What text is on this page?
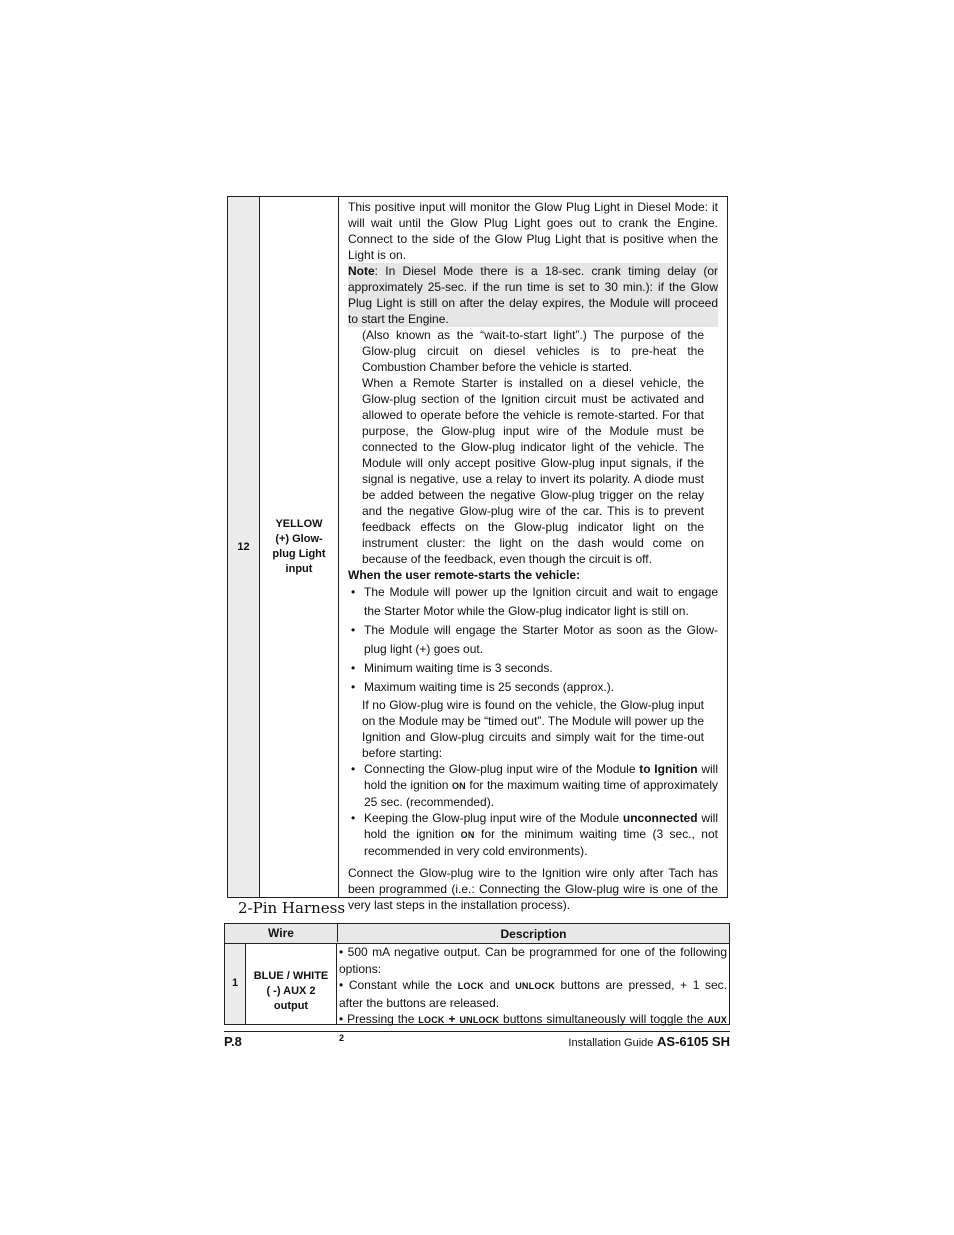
12
YELLOW
(+) Glow-
plug Light
input

This positive input will monitor the Glow Plug Light in Diesel Mode: it will wait until the Glow Plug Light goes out to crank the Engine. Connect to the side of the Glow Plug Light that is positive when the Light is on.

Note: In Diesel Mode there is a 18-sec. crank timing delay (or approximately 25-sec. if the run time is set to 30 min.): if the Glow Plug Light is still on after the delay expires, the Module will proceed to start the Engine.

(Also known as the “wait-to-start light”.) The purpose of the Glow-plug circuit on diesel vehicles is to pre-heat the Combustion Chamber before the vehicle is started.

When a Remote Starter is installed on a diesel vehicle, the Glow-plug section of the Ignition circuit must be activated and allowed to operate before the vehicle is remote-started. For that purpose, the Glow-plug input wire of the Module must be connected to the Glow-plug indicator light of the vehicle. The Module will only accept positive Glow-plug input signals, if the signal is negative, use a relay to invert its polarity. A diode must be added between the negative Glow-plug trigger on the relay and the negative Glow-plug wire of the car. This is to prevent feedback effects on the Glow-plug indicator light on the instrument cluster: the light on the dash would come on because of the feedback, even though the circuit is off.

When the user remote-starts the vehicle:

• The Module will power up the Ignition circuit and wait to engage the Starter Motor while the Glow-plug indicator light is still on.
• The Module will engage the Starter Motor as soon as the Glow-plug light (+) goes out.
• Minimum waiting time is 3 seconds.
• Maximum waiting time is 25 seconds (approx.).

If no Glow-plug wire is found on the vehicle, the Glow-plug input on the Module may be “timed out”. The Module will power up the Ignition and Glow-plug circuits and simply wait for the time-out before starting:

• Connecting the Glow-plug input wire of the Module to Ignition will hold the ignition ON for the maximum waiting time of approximately 25 sec. (recommended).
• Keeping the Glow-plug input wire of the Module unconnected will hold the ignition ON for the minimum waiting time (3 sec., not recommended in very cold environments).

Connect the Glow-plug wire to the Ignition wire only after Tach has been programmed (i.e.: Connecting the Glow-plug wire is one of the very last steps in the installation process).

2-Pin Harness
Wire	Description
1
BLUE / WHITE
( -) AUX 2 output
• 500 mA negative output. Can be programmed for one of the following options:
• Constant while the LOCK and UNLOCK buttons are pressed, + 1 sec. after the buttons are released.
• Pressing the LOCK + UNLOCK buttons simultaneously will toggle the AUX 2
P.8	Installation Guide AS-6105 SH
